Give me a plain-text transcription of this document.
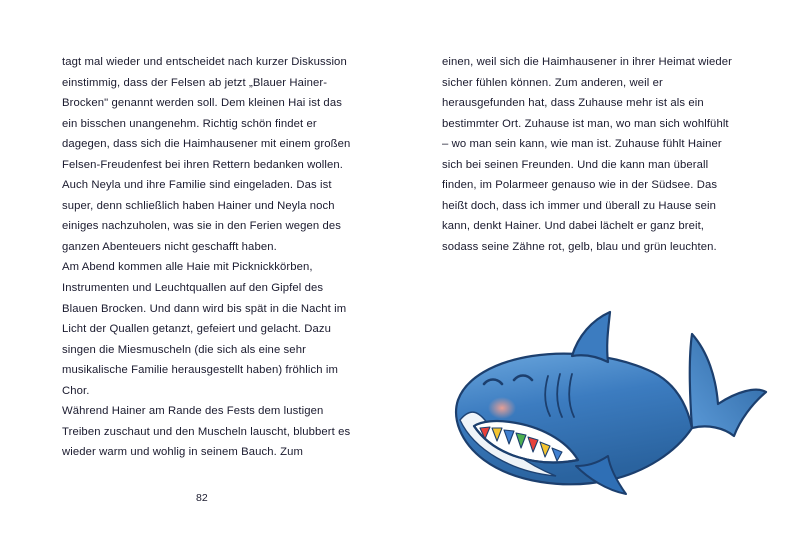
tagt mal wieder und entscheidet nach kurzer Diskussion einstimmig, dass der Felsen ab jetzt „Blauer Hainer-Brocken" genannt werden soll. Dem kleinen Hai ist das ein bisschen unangenehm. Richtig schön findet er dagegen, dass sich die Haimhausener mit einem großen Felsen-Freudenfest bei ihren Rettern bedanken wollen. Auch Neyla und ihre Familie sind eingeladen. Das ist super, denn schließlich haben Hainer und Neyla noch einiges nachzuholen, was sie in den Ferien wegen des ganzen Abenteuers nicht geschafft haben.

Am Abend kommen alle Haie mit Picknickkörben, Instrumenten und Leuchtquallen auf den Gipfel des Blauen Brocken. Und dann wird bis spät in die Nacht im Licht der Quallen getanzt, gefeiert und gelacht. Dazu singen die Miesmuscheln (die sich als eine sehr musikalische Familie herausgestellt haben) fröhlich im Chor.

Während Hainer am Rande des Fests dem lustigen Treiben zuschaut und den Muscheln lauscht, blubbert es wieder warm und wohlig in seinem Bauch. Zum

einen, weil sich die Haimhausener in ihrer Heimat wieder sicher fühlen können. Zum anderen, weil er herausgefunden hat, dass Zuhause mehr ist als ein bestimmter Ort. Zuhause ist man, wo man sich wohlfühlt – wo man sein kann, wie man ist. Zuhause fühlt Hainer sich bei seinen Freunden. Und die kann man überall finden, im Polarmeer genauso wie in der Südsee. Das heißt doch, dass ich immer und überall zu Hause sein kann, denkt Hainer. Und dabei lächelt er ganz breit, sodass seine Zähne rot, gelb, blau und grün leuchten.

82
